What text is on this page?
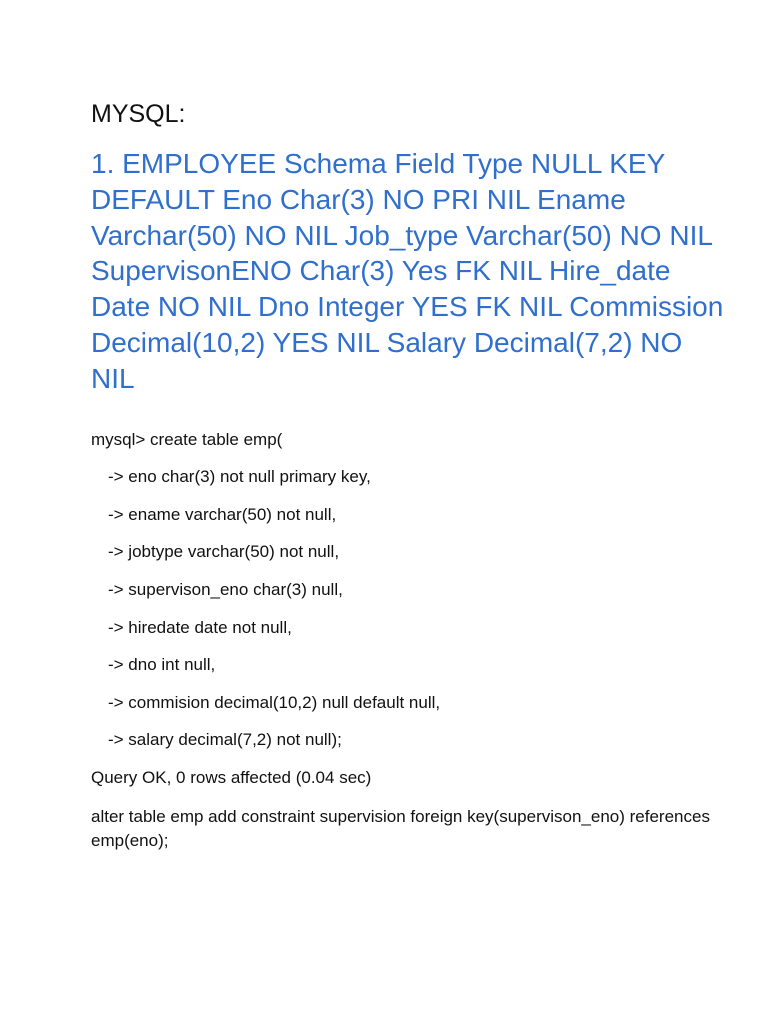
MYSQL:
1. EMPLOYEE Schema Field Type NULL KEY DEFAULT Eno Char(3) NO PRI NIL Ename Varchar(50) NO NIL Job_type Varchar(50) NO NIL SupervisonENO Char(3) Yes FK NIL Hire_date Date NO NIL Dno Integer YES FK NIL Commission Decimal(10,2) YES NIL Salary Decimal(7,2) NO NIL
mysql> create table emp(
-> eno char(3) not null primary key,
-> ename varchar(50) not null,
-> jobtype varchar(50) not null,
-> supervison_eno char(3) null,
-> hiredate date not null,
-> dno int null,
-> commision decimal(10,2) null default null,
-> salary decimal(7,2) not null);
Query OK, 0 rows affected (0.04 sec)
alter table emp add constraint supervision foreign key(supervison_eno) references emp(eno);
